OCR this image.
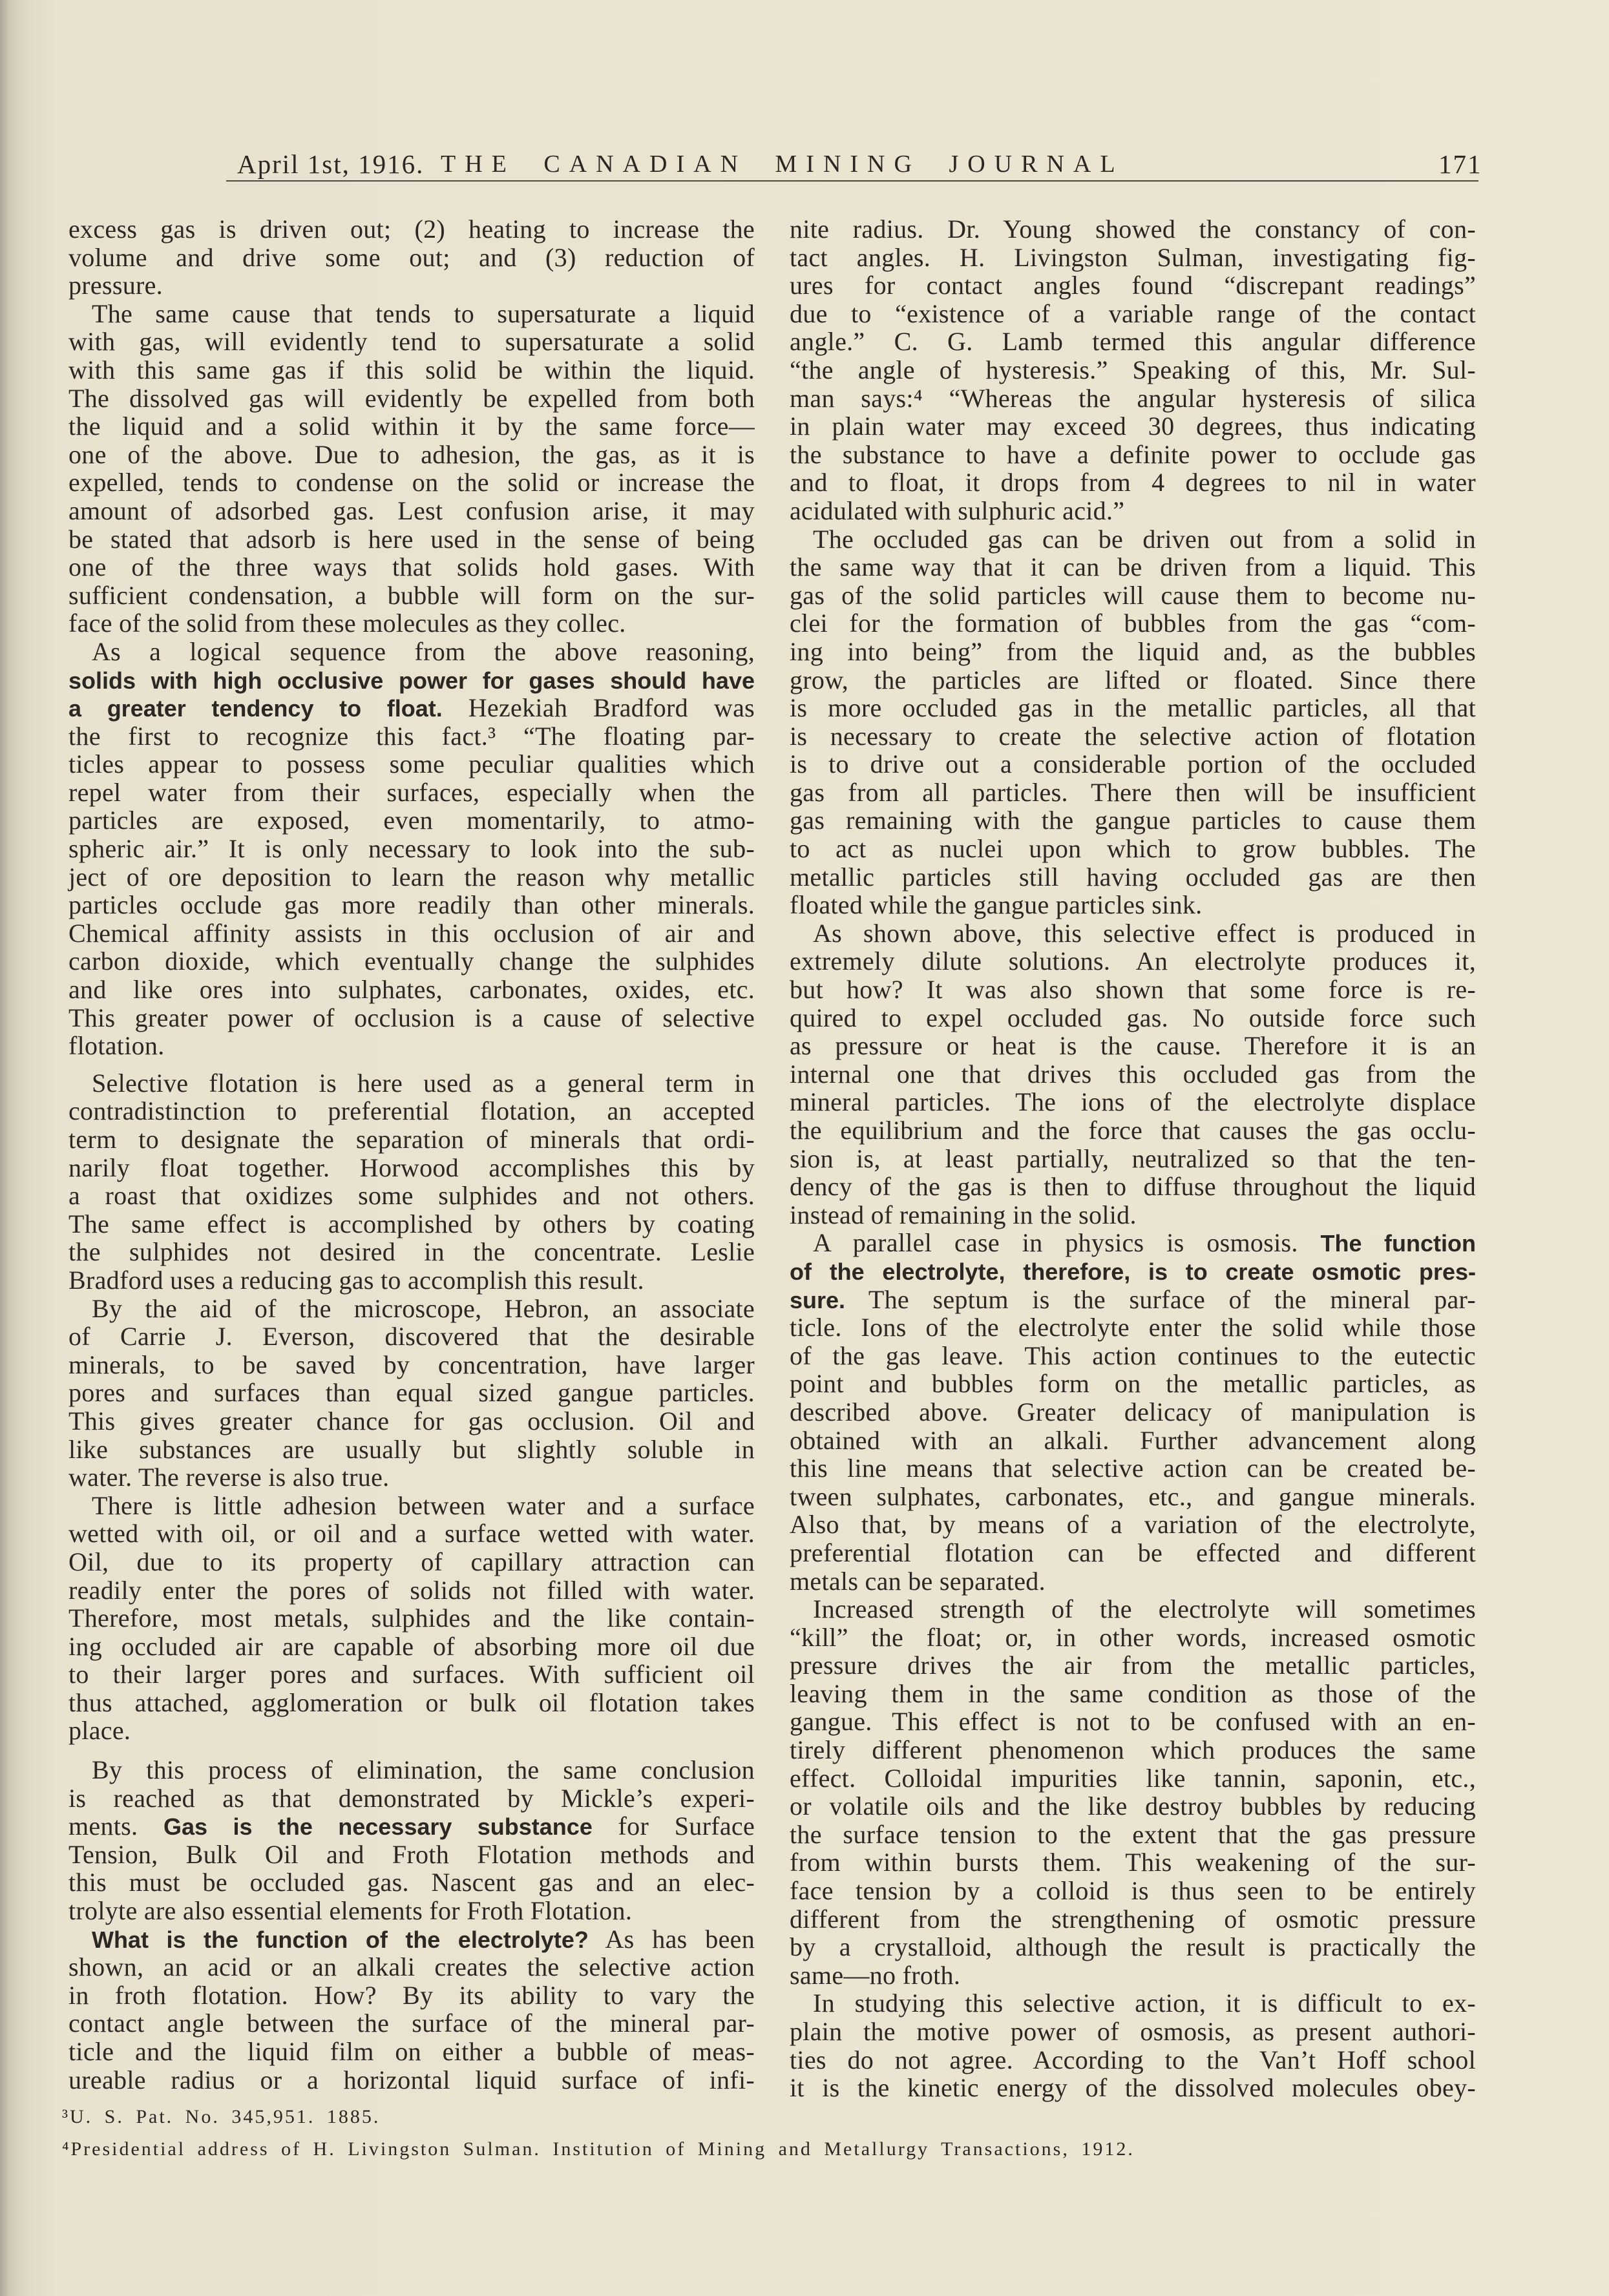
April 1st, 1916. THE CANADIAN MINING JOURNAL	171
excess gas is driven out; (2) heating to increase the
volume and drive some out; and (3) reduction of
pressure.
The same cause that tends to supersaturate a liquid
with gas, will evidently tend to supersaturate a solid
with this same gas if this solid be within the liquid.
The dissolved gas will evidently be expelled from both
the liquid and a solid within it by the same force—
one of the above. Due to adhesion, the gas, as it is
expelled, tends to condense on the solid or increase the
amount of adsorbed gas. Lest confusion arise, it may
be stated that adsorb is here used in the sense of being
one of the three ways that solids hold gases. With
sufficient condensation, a bubble will form on the sur-
face of the solid from these molecules as they collec.
As a logical sequence from the above reasoning,
solids with high occlusive power for gases should have
a greater tendency to float. Hezekiah Bradford was
the first to recognize this fact.³ “The floating par-
ticles appear to possess some peculiar qualities which
repel water from their surfaces, especially when the
particles are exposed, even momentarily, to atmo-
spheric air.” It is only necessary to look into the sub-
ject of ore deposition to learn the reason why metallic
particles occlude gas more readily than other minerals.
Chemical affinity assists in this occlusion of air and
carbon dioxide, which eventually change the sulphides
and like ores into sulphates, carbonates, oxides, etc.
This greater power of occlusion is a cause of selective
flotation.
Selective flotation is here used as a general term in
contradistinction to preferential flotation, an accepted
term to designate the separation of minerals that ordi-
narily float together. Horwood accomplishes this by
a roast that oxidizes some sulphides and not others.
The same effect is accomplished by others by coating
the sulphides not desired in the concentrate. Leslie
Bradford uses a reducing gas to accomplish this result.
By the aid of the microscope, Hebron, an associate
of Carrie J. Everson, discovered that the desirable
minerals, to be saved by concentration, have larger
pores and surfaces than equal sized gangue particles.
This gives greater chance for gas occlusion. Oil and
like substances are usually but slightly soluble in
water. The reverse is also true.
There is little adhesion between water and a surface
wetted with oil, or oil and a surface wetted with water.
Oil, due to its property of capillary attraction can
readily enter the pores of solids not filled with water.
Therefore, most metals, sulphides and the like contain-
ing occluded air are capable of absorbing more oil due
to their larger pores and surfaces. With sufficient oil
thus attached, agglomeration or bulk oil flotation takes
place.
By this process of elimination, the same conclusion
is reached as that demonstrated by Mickle’s experi-
ments. Gas is the necessary substance for Surface
Tension, Bulk Oil and Froth Flotation methods and
this must be occluded gas. Nascent gas and an elec-
trolyte are also essential elements for Froth Flotation.
What is the function of the electrolyte? As has been
shown, an acid or an alkali creates the selective action
in froth flotation. How? By its ability to vary the
contact angle between the surface of the mineral par-
ticle and the liquid film on either a bubble of meas-
ureable radius or a horizontal liquid surface of infi-
nite radius. Dr. Young showed the constancy of con-
tact angles. H. Livingston Sulman, investigating fig-
ures for contact angles found “discrepant readings”
due to “existence of a variable range of the contact
angle.” C. G. Lamb termed this angular difference
“the angle of hysteresis.” Speaking of this, Mr. Sul-
man says:⁴ “Whereas the angular hysteresis of silica
in plain water may exceed 30 degrees, thus indicating
the substance to have a definite power to occlude gas
and to float, it drops from 4 degrees to nil in water
acidulated with sulphuric acid.”
The occluded gas can be driven out from a solid in
the same way that it can be driven from a liquid. This
gas of the solid particles will cause them to become nu-
clei for the formation of bubbles from the gas “com-
ing into being” from the liquid and, as the bubbles
grow, the particles are lifted or floated. Since there
is more occluded gas in the metallic particles, all that
is necessary to create the selective action of flotation
is to drive out a considerable portion of the occluded
gas from all particles. There then will be insufficient
gas remaining with the gangue particles to cause them
to act as nuclei upon which to grow bubbles. The
metallic particles still having occluded gas are then
floated while the gangue particles sink.
As shown above, this selective effect is produced in
extremely dilute solutions. An electrolyte produces it,
but how? It was also shown that some force is re-
quired to expel occluded gas. No outside force such
as pressure or heat is the cause. Therefore it is an
internal one that drives this occluded gas from the
mineral particles. The ions of the electrolyte displace
the equilibrium and the force that causes the gas occlu-
sion is, at least partially, neutralized so that the ten-
dency of the gas is then to diffuse throughout the liquid
instead of remaining in the solid.
A parallel case in physics is osmosis. The function
of the electrolyte, therefore, is to create osmotic pres-
sure. The septum is the surface of the mineral par-
ticle. Ions of the electrolyte enter the solid while those
of the gas leave. This action continues to the eutectic
point and bubbles form on the metallic particles, as
described above. Greater delicacy of manipulation is
obtained with an alkali. Further advancement along
this line means that selective action can be created be-
tween sulphates, carbonates, etc., and gangue minerals.
Also that, by means of a variation of the electrolyte,
preferential flotation can be effected and different
metals can be separated.
Increased strength of the electrolyte will sometimes
“kill” the float; or, in other words, increased osmotic
pressure drives the air from the metallic particles,
leaving them in the same condition as those of the
gangue. This effect is not to be confused with an en-
tirely different phenomenon which produces the same
effect. Colloidal impurities like tannin, saponin, etc.,
or volatile oils and the like destroy bubbles by reducing
the surface tension to the extent that the gas pressure
from within bursts them. This weakening of the sur-
face tension by a colloid is thus seen to be entirely
different from the strengthening of osmotic pressure
by a crystalloid, although the result is practically the
same—no froth.
In studying this selective action, it is difficult to ex-
plain the motive power of osmosis, as present authori-
ties do not agree. According to the Van’t Hoff school
it is the kinetic energy of the dissolved molecules obey-
³U. S. Pat. No. 345,951. 1885.
⁴Presidential address of H. Livingston Sulman. Institution of Mining and Metallurgy Transactions, 1912.
